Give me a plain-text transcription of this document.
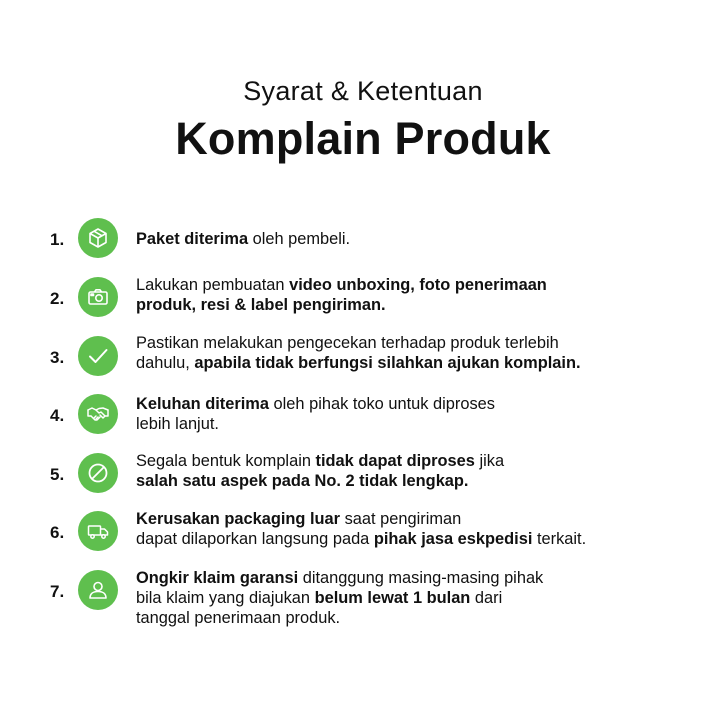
Syarat & Ketentuan
Komplain Produk
1.	Paket diterima oleh pembeli.
2.
Lakukan pembuatan video unboxing, foto penerimaan
produk, resi & label pengiriman.
3.
Pastikan melakukan pengecekan terhadap produk terlebih
dahulu, apabila tidak berfungsi silahkan ajukan komplain.
4.
Keluhan diterima oleh pihak toko untuk diproses
lebih lanjut.
5.
Segala bentuk komplain tidak dapat diproses jika
salah satu aspek pada No. 2 tidak lengkap.
6.
Kerusakan packaging luar saat pengiriman
dapat dilaporkan langsung pada pihak jasa eskpedisi terkait.
7.
Ongkir klaim garansi ditanggung masing-masing pihak
bila klaim yang diajukan belum lewat 1 bulan dari
tanggal penerimaan produk.
